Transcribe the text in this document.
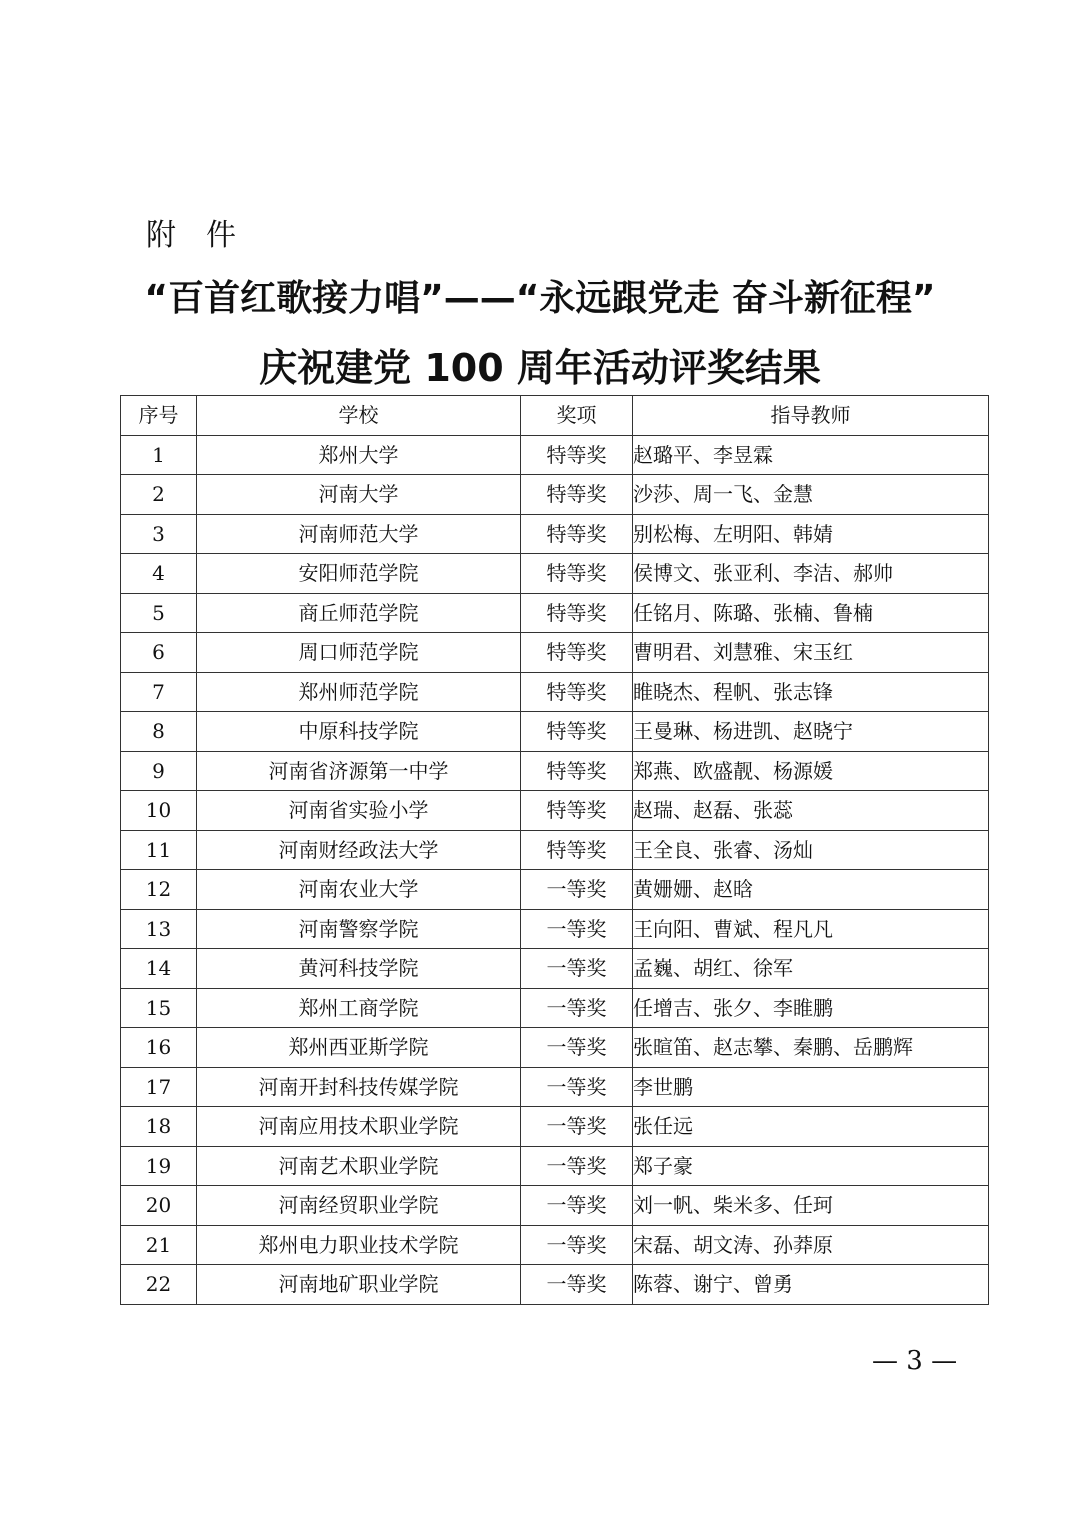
附　件
“百首红歌接力唱”——“永远跟党走 奋斗新征程”
庆祝建党 100 周年活动评奖结果
序号	学校	奖项	指导教师
1	郑州大学	特等奖	赵璐平、李昱霖
2	河南大学	特等奖	沙莎、周一飞、金慧
3	河南师范大学	特等奖	别松梅、左明阳、韩婧
4	安阳师范学院	特等奖	侯博文、张亚利、李洁、郝帅
5	商丘师范学院	特等奖	任铭月、陈璐、张楠、鲁楠
6	周口师范学院	特等奖	曹明君、刘慧雅、宋玉红
7	郑州师范学院	特等奖	睢晓杰、程帆、张志锋
8	中原科技学院	特等奖	王曼琳、杨进凯、赵晓宁
9	河南省济源第一中学	特等奖	郑燕、欧盛靓、杨源媛
10	河南省实验小学	特等奖	赵瑞、赵磊、张蕊
11	河南财经政法大学	特等奖	王全良、张睿、汤灿
12	河南农业大学	一等奖	黄姗姗、赵晗
13	河南警察学院	一等奖	王向阳、曹斌、程凡凡
14	黄河科技学院	一等奖	孟巍、胡红、徐军
15	郑州工商学院	一等奖	任增吉、张夕、李睢鹏
16	郑州西亚斯学院	一等奖	张暄笛、赵志攀、秦鹏、岳鹏辉
17	河南开封科技传媒学院	一等奖	李世鹏
18	河南应用技术职业学院	一等奖	张任远
19	河南艺术职业学院	一等奖	郑子豪
20	河南经贸职业学院	一等奖	刘一帆、柴米多、任珂
21	郑州电力职业技术学院	一等奖	宋磊、胡文涛、孙莽原
22	河南地矿职业学院	一等奖	陈蓉、谢宁、曾勇
— 3 —
